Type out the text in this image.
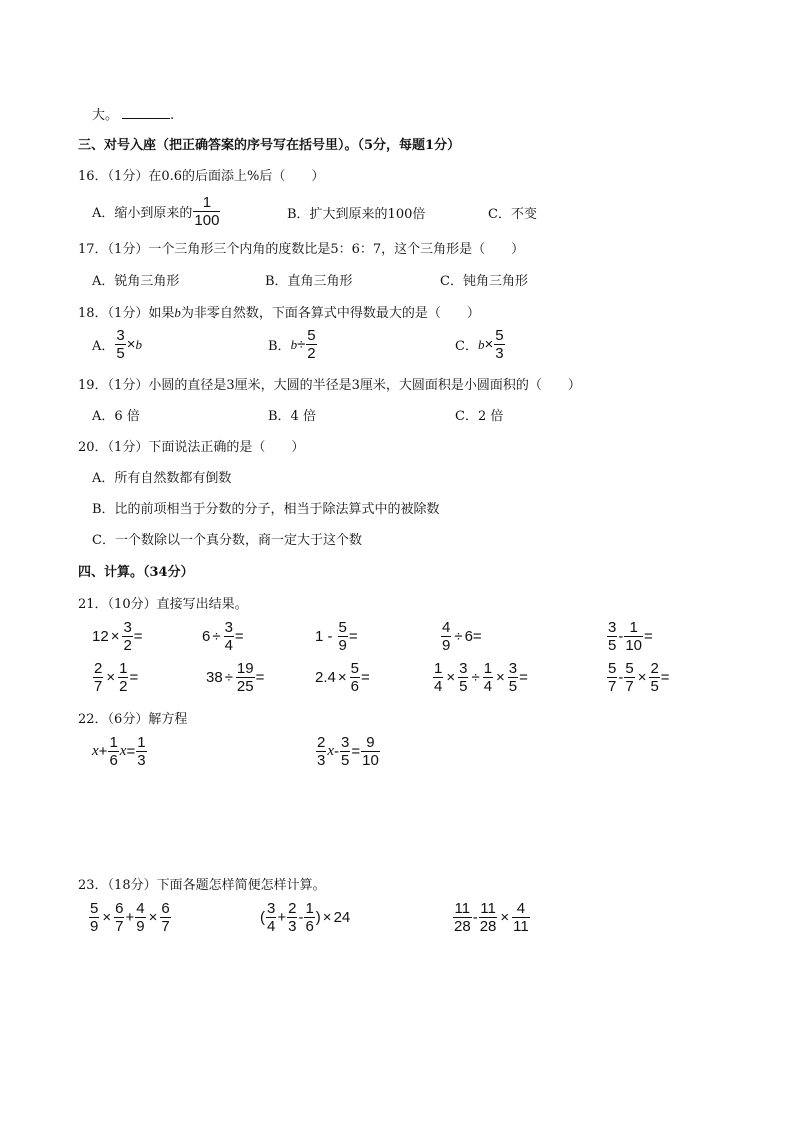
大。	.
三、对号入座（把正确答案的序号写在括号里）。（5分，每题1分）
16．（1分）在0.6的后面添上%后（　　）
A．缩小到原来的 $\frac{1}{100}$	B．扩大到原来的100倍	C．不变
17．（1分）一个三角形三个内角的度数比是5：6：7，这个三角形是（　　）
A．锐角三角形	B．直角三角形	C．钝角三角形
18．（1分）如果b为非零自然数，下面各算式中得数最大的是（　　）
A． $\frac{3}{5} \times b$	B． $b \div \frac{5}{2}$	C． $b \times \frac{5}{3}$
19．（1分）小圆的直径是3厘米，大圆的半径是3厘米，大圆面积是小圆面积的（　　）
A．6 倍	B．4 倍	C．2 倍
20．（1分）下面说法正确的是（　　）
A．所有自然数都有倒数
B．比的前项相当于分数的分子，相当于除法算式中的被除数
C．一个数除以一个真分数，商一定大于这个数
四、计算。（34分）
21．（10分）直接写出结果。
$12 \times \frac{3}{2}$ =	$6 \div \frac{3}{4}$ =	$1 - \frac{5}{9}$ =	$\frac{4}{9} \div 6$ =	$\frac{3}{5} - \frac{1}{10}$ =
$\frac{2}{7} \times \frac{1}{2}$ =	$38 \div \frac{19}{25}$ =	$2.4 \times \frac{5}{6}$ =	$\frac{1}{4} \times \frac{3}{5} \div \frac{1}{4} \times \frac{3}{5}$ =	$\frac{5}{7} - \frac{5}{7} \times \frac{2}{5}$ =
22．（6分）解方程
$x + \frac{1}{6}$ $x = \frac{1}{3}$	$\frac{2}{3}$ $x - \frac{3}{5} = \frac{9}{10}$
23．（18分）下面各题怎样简便怎样计算。
$\frac{5}{9} \times \frac{6}{7} + \frac{4}{9} \times \frac{6}{7}$	( $\frac{3}{4} + \frac{2}{3} - \frac{1}{6}$ ) × 24	$\frac{11}{28} - \frac{11}{28} \times \frac{4}{11}$
